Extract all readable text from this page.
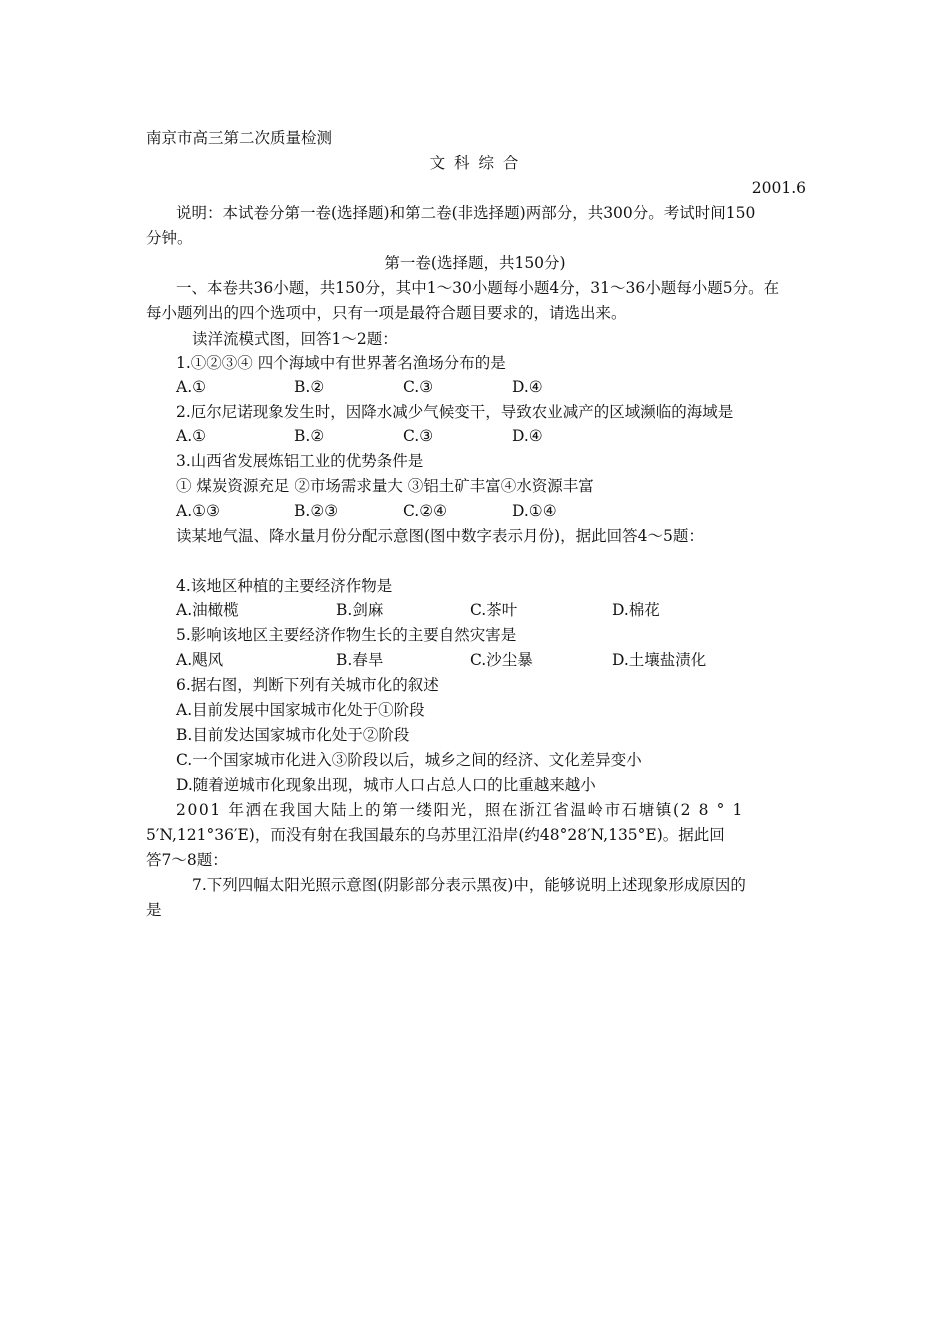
南京市高三第二次质量检测
文 科 综 合
2001.6
说明：本试卷分第一卷(选择题)和第二卷(非选择题)两部分，共300分。考试时间150
分钟。
第一卷(选择题，共150分)
一、本卷共36小题，共150分，其中1～30小题每小题4分，31～36小题每小题5分。在
每小题列出的四个选项中，只有一项是最符合题目要求的，请选出来。
读洋流模式图，回答1～2题：
1.①②③④ 四个海域中有世界著名渔场分布的是
A.①	B.②	C.③	D.④
2.厄尔尼诺现象发生时，因降水减少气候变干，导致农业减产的区域濒临的海域是
A.①	B.②	C.③	D.④
3.山西省发展炼铝工业的优势条件是
① 煤炭资源充足 ②市场需求量大 ③铝土矿丰富④水资源丰富
A.①③	B.②③	C.②④	D.①④
读某地气温、降水量月份分配示意图(图中数字表示月份)，据此回答4～5题：
4.该地区种植的主要经济作物是
A.油橄榄	B.剑麻	C.茶叶	D.棉花
5.影响该地区主要经济作物生长的主要自然灾害是
A.飓风	B.春旱	C.沙尘暴	D.土壤盐渍化
6.据右图，判断下列有关城市化的叙述
A.目前发展中国家城市化处于①阶段
B.目前发达国家城市化处于②阶段
C.一个国家城市化进入③阶段以后，城乡之间的经济、文化差异变小
D.随着逆城市化现象出现，城市人口占总人口的比重越来越小
2001 年洒在我国大陆上的第一缕阳光，照在浙江省温岭市石塘镇(2 8 ° 1
5′N,121°36′E)，而没有射在我国最东的乌苏里江沿岸(约48°28′N,135°E)。据此回
答7～8题：
7.下列四幅太阳光照示意图(阴影部分表示黑夜)中，能够说明上述现象形成原因的
是
